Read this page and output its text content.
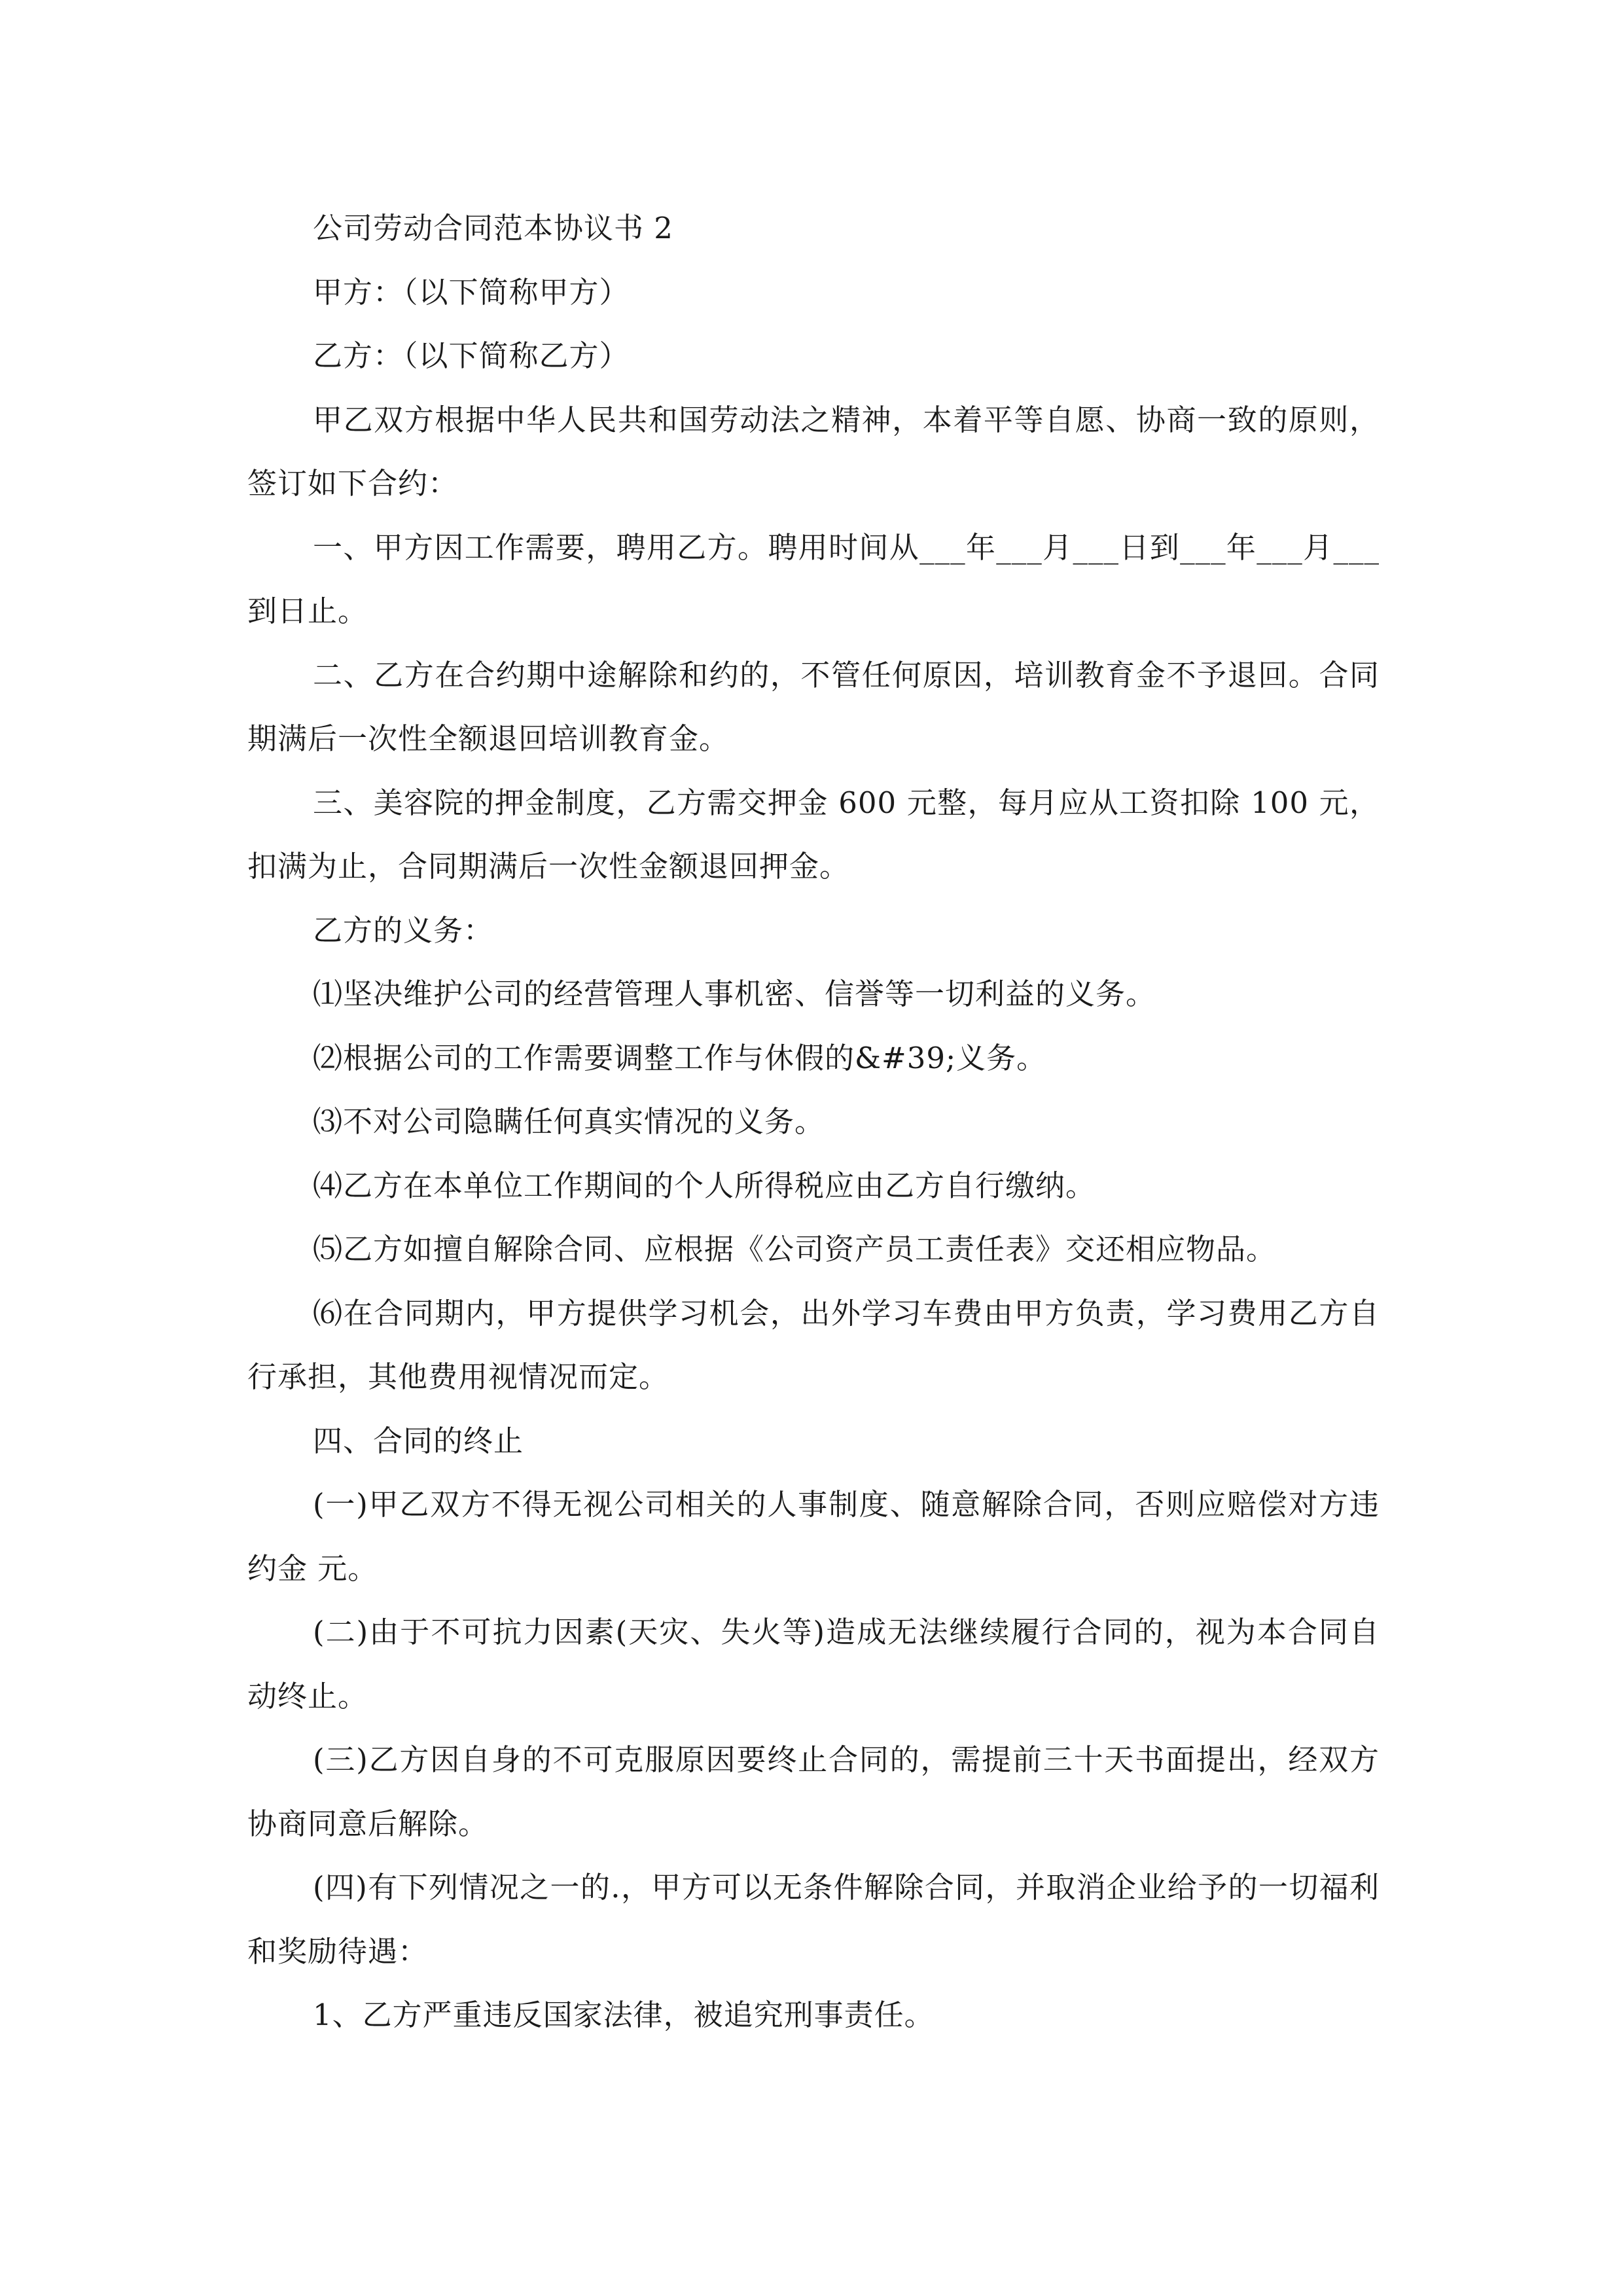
公司劳动合同范本协议书 2

甲方：（以下简称甲方）

乙方：（以下简称乙方）

甲乙双方根据中华人民共和国劳动法之精神，本着平等自愿、协商一致的原则，签订如下合约：

一、甲方因工作需要，聘用乙方。聘用时间从___年___月___日到___年___月___到日止。

二、乙方在合约期中途解除和约的，不管任何原因，培训教育金不予退回。合同期满后一次性全额退回培训教育金。

三、美容院的押金制度，乙方需交押金 600 元整，每月应从工资扣除 100 元，扣满为止，合同期满后一次性金额退回押金。

乙方的义务：

⑴坚决维护公司的经营管理人事机密、信誉等一切利益的义务。

⑵根据公司的工作需要调整工作与休假的&#39;义务。

⑶不对公司隐瞒任何真实情况的义务。

⑷乙方在本单位工作期间的个人所得税应由乙方自行缴纳。

⑸乙方如擅自解除合同、应根据《公司资产员工责任表》交还相应物品。

⑹在合同期内，甲方提供学习机会，出外学习车费由甲方负责，学习费用乙方自行承担，其他费用视情况而定。

四、合同的终止

(一)甲乙双方不得无视公司相关的人事制度、随意解除合同，否则应赔偿对方违约金 元。

(二)由于不可抗力因素(天灾、失火等)造成无法继续履行合同的，视为本合同自动终止。

(三)乙方因自身的不可克服原因要终止合同的，需提前三十天书面提出，经双方协商同意后解除。

(四)有下列情况之一的.，甲方可以无条件解除合同，并取消企业给予的一切福利和奖励待遇：

1、乙方严重违反国家法律，被追究刑事责任。
